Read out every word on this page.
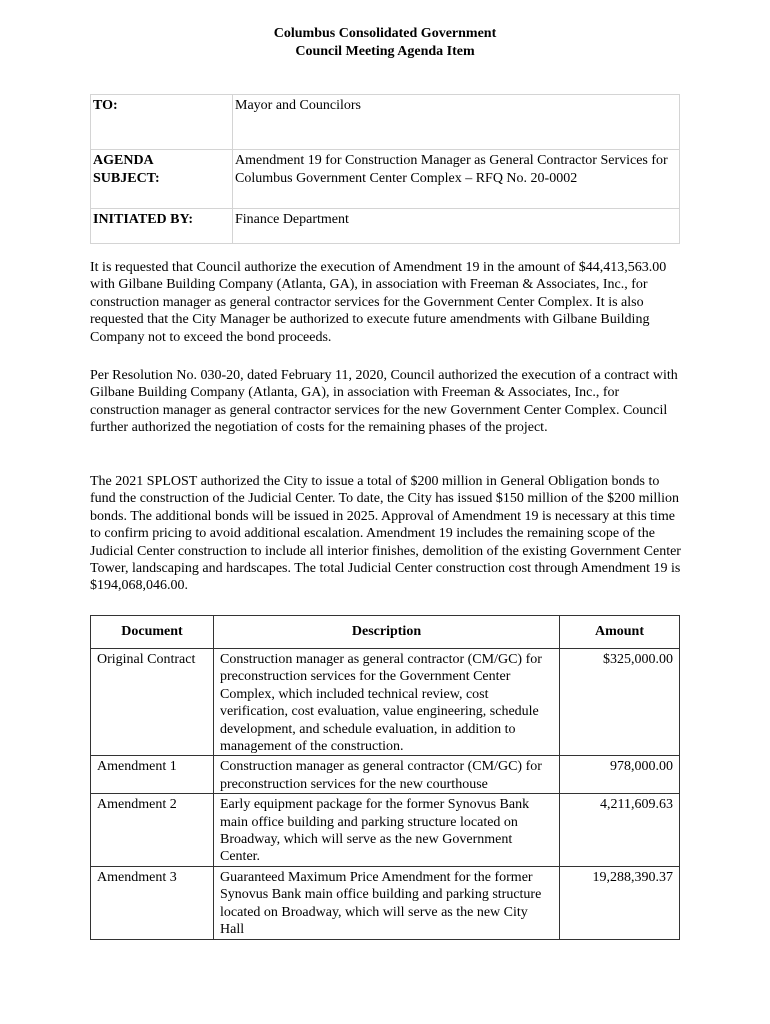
Columbus Consolidated Government
Council Meeting Agenda Item
TO:	Mayor and Councilors

AGENDA
SUBJECT:	Amendment 19 for Construction Manager as General Contractor Services for Columbus Government Center Complex – RFQ No. 20-0002
INITIATED BY:	Finance Department

It is requested that Council authorize the execution of Amendment 19 in the amount of $44,413,563.00 with Gilbane Building Company (Atlanta, GA), in association with Freeman & Associates, Inc., for construction manager as general contractor services for the Government Center Complex. It is also requested that the City Manager be authorized to execute future amendments with Gilbane Building Company not to exceed the bond proceeds.

Per Resolution No. 030-20, dated February 11, 2020, Council authorized the execution of a contract with Gilbane Building Company (Atlanta, GA), in association with Freeman & Associates, Inc., for construction manager as general contractor services for the new Government Center Complex. Council further authorized the negotiation of costs for the remaining phases of the project.

The 2021 SPLOST authorized the City to issue a total of $200 million in General Obligation bonds to fund the construction of the Judicial Center. To date, the City has issued $150 million of the $200 million bonds. The additional bonds will be issued in 2025. Approval of Amendment 19 is necessary at this time to confirm pricing to avoid additional escalation. Amendment 19 includes the remaining scope of the Judicial Center construction to include all interior finishes, demolition of the existing Government Center Tower, landscaping and hardscapes. The total Judicial Center construction cost through Amendment 19 is $194,068,046.00.

Document	Description	Amount
Original Contract	Construction manager as general contractor (CM/GC) for preconstruction services for the Government Center Complex, which included technical review, cost verification, cost evaluation, value engineering, schedule development, and schedule evaluation, in addition to management of the construction.	$325,000.00
Amendment 1	Construction manager as general contractor (CM/GC) for preconstruction services for the new courthouse	978,000.00
Amendment 2	Early equipment package for the former Synovus Bank main office building and parking structure located on Broadway, which will serve as the new Government Center.	4,211,609.63
Amendment 3	Guaranteed Maximum Price Amendment for the former Synovus Bank main office building and parking structure located on Broadway, which will serve as the new City Hall	19,288,390.37
